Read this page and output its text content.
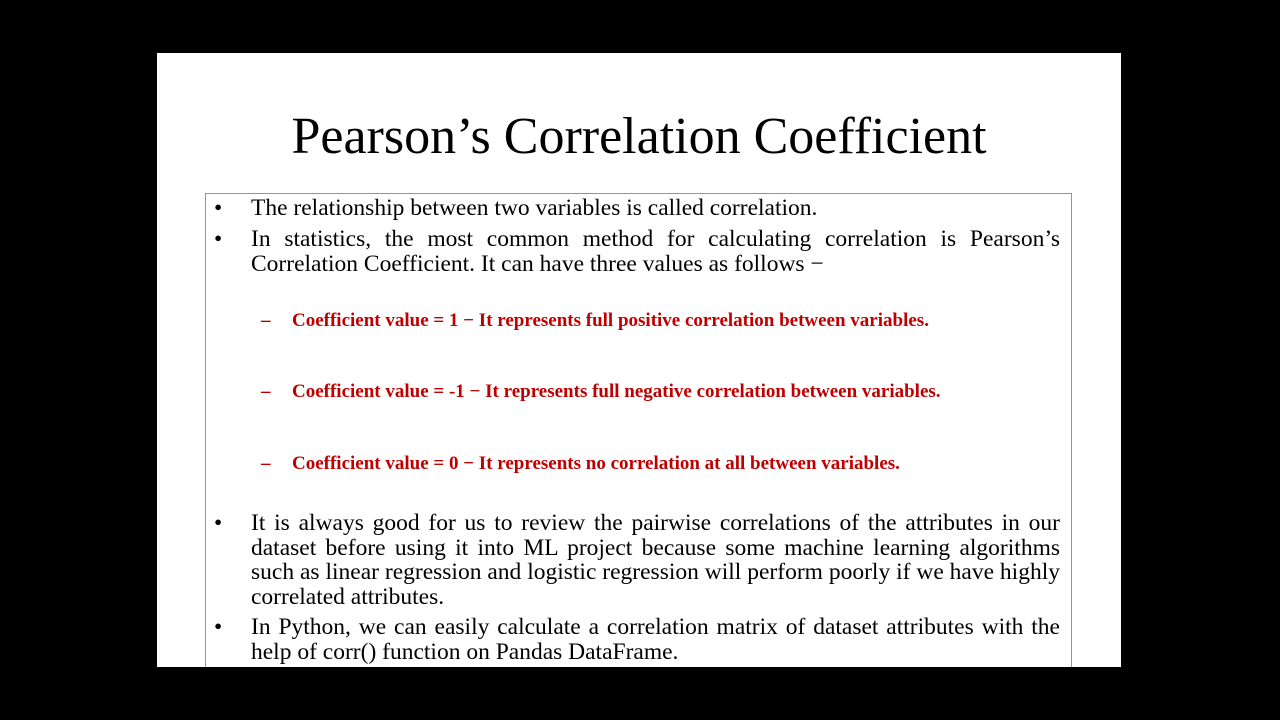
Pearson’s Correlation Coefficient
•	The relationship between two variables is called correlation.
•	In statistics, the most common method for calculating correlation is Pearson’s Correlation Coefficient. It can have three values as follows −
–	Coefficient value = 1 − It represents full positive correlation between variables.
–	Coefficient value = -1 − It represents full negative correlation between variables.
–	Coefficient value = 0 − It represents no correlation at all between variables.
•	It is always good for us to review the pairwise correlations of the attributes in our dataset before using it into ML project because some machine learning algorithms such as linear regression and logistic regression will perform poorly if we have highly correlated attributes.
•	In Python, we can easily calculate a correlation matrix of dataset attributes with the help of corr() function on Pandas DataFrame.
